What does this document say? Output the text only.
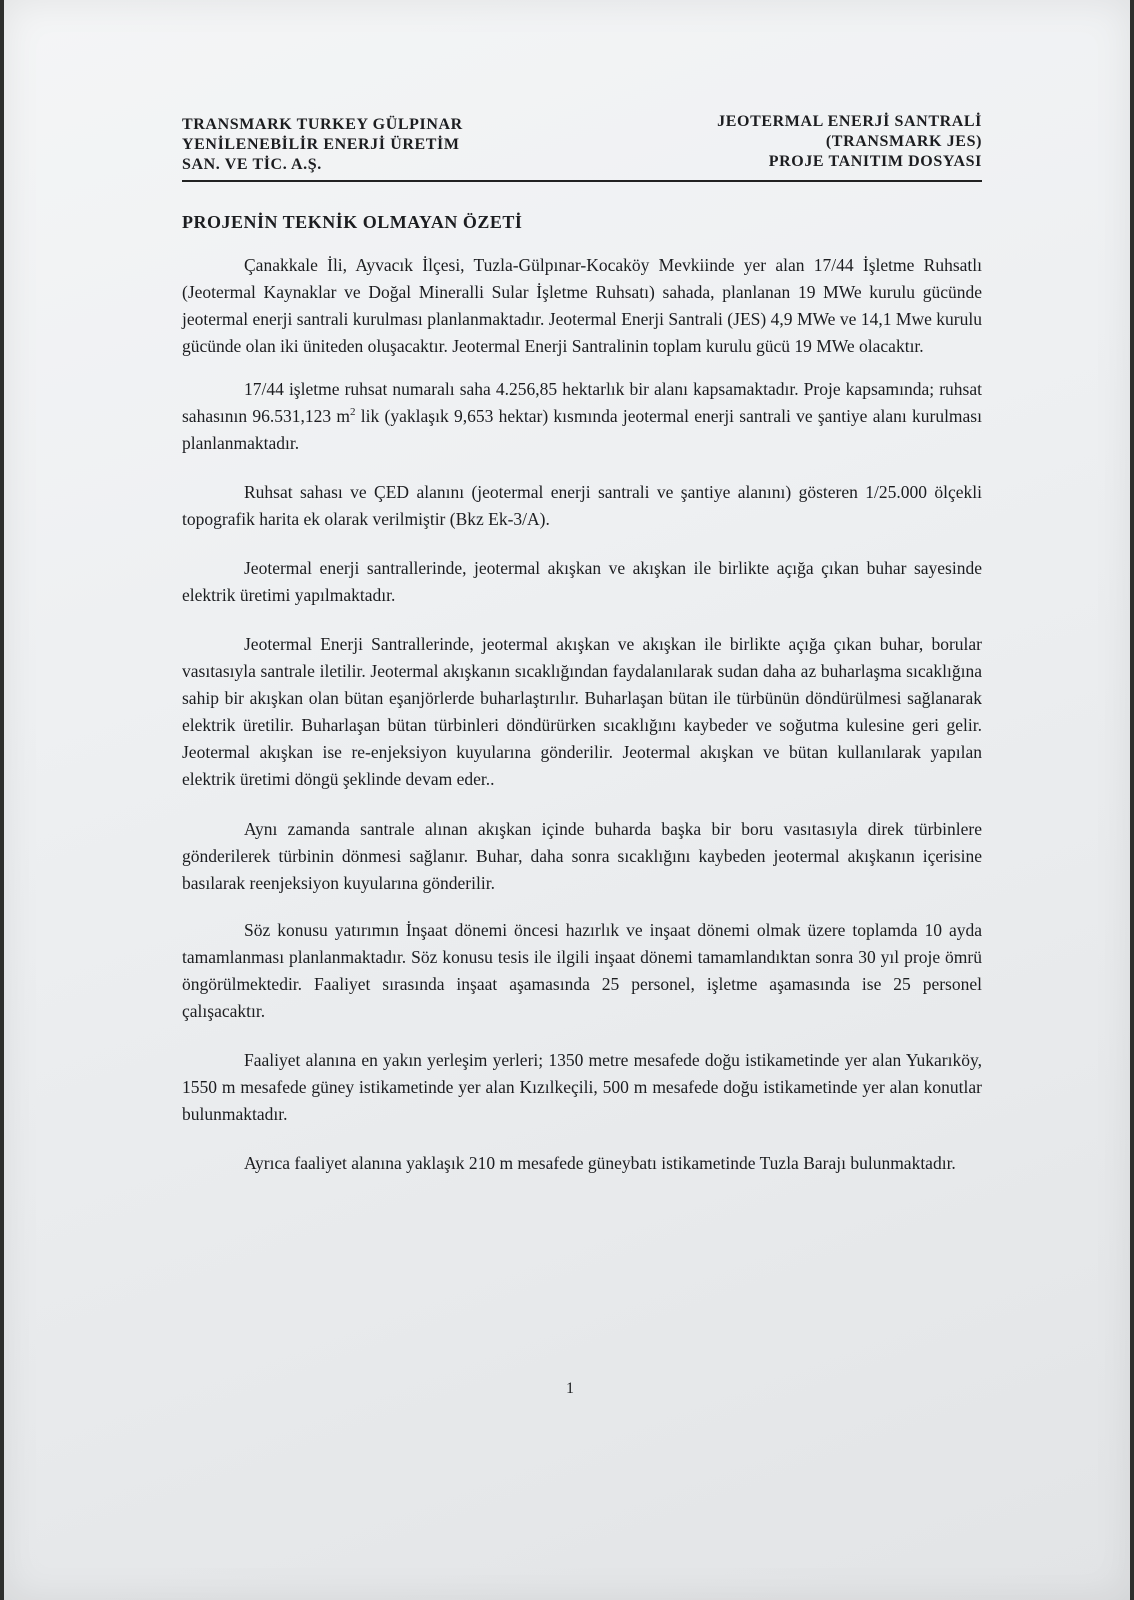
TRANSMARK TURKEY GÜLPINAR
YENİLENEBİLİR ENERJİ ÜRETİM
SAN. VE TİC. A.Ş.
JEOTERMAL ENERJİ SANTRALİ
(TRANSMARK JES)
PROJE TANITIM DOSYASI
PROJENİN TEKNİK OLMAYAN ÖZETİ

Çanakkale İli, Ayvacık İlçesi, Tuzla-Gülpınar-Kocaköy Mevkiinde yer alan 17/44 İşletme Ruhsatlı (Jeotermal Kaynaklar ve Doğal Mineralli Sular İşletme Ruhsatı) sahada, planlanan 19 MWe kurulu gücünde jeotermal enerji santrali kurulması planlanmaktadır. Jeotermal Enerji Santrali (JES) 4,9 MWe ve 14,1 Mwe kurulu gücünde olan iki üniteden oluşacaktır. Jeotermal Enerji Santralinin toplam kurulu gücü 19 MWe olacaktır.

17/44 işletme ruhsat numaralı saha 4.256,85 hektarlık bir alanı kapsamaktadır. Proje kapsamında; ruhsat sahasının 96.531,123 $m^2$ lik (yaklaşık 9,653 hektar) kısmında jeotermal enerji santrali ve şantiye alanı kurulması planlanmaktadır.

Ruhsat sahası ve ÇED alanını (jeotermal enerji santrali ve şantiye alanını) gösteren 1/25.000 ölçekli topografik harita ek olarak verilmiştir (Bkz Ek-3/A).

Jeotermal enerji santrallerinde, jeotermal akışkan ve akışkan ile birlikte açığa çıkan buhar sayesinde elektrik üretimi yapılmaktadır.

Jeotermal Enerji Santrallerinde, jeotermal akışkan ve akışkan ile birlikte açığa çıkan buhar, borular vasıtasıyla santrale iletilir. Jeotermal akışkanın sıcaklığından faydalanılarak sudan daha az buharlaşma sıcaklığına sahip bir akışkan olan bütan eşanjörlerde buharlaştırılır. Buharlaşan bütan ile türbünün döndürülmesi sağlanarak elektrik üretilir. Buharlaşan bütan türbinleri döndürürken sıcaklığını kaybeder ve soğutma kulesine geri gelir. Jeotermal akışkan ise re-enjeksiyon kuyularına gönderilir. Jeotermal akışkan ve bütan kullanılarak yapılan elektrik üretimi döngü şeklinde devam eder..

Aynı zamanda santrale alınan akışkan içinde buharda başka bir boru vasıtasıyla direk türbinlere gönderilerek türbinin dönmesi sağlanır. Buhar, daha sonra sıcaklığını kaybeden jeotermal akışkanın içerisine basılarak reenjeksiyon kuyularına gönderilir.

Söz konusu yatırımın İnşaat dönemi öncesi hazırlık ve inşaat dönemi olmak üzere toplamda 10 ayda tamamlanması planlanmaktadır. Söz konusu tesis ile ilgili inşaat dönemi tamamlandıktan sonra 30 yıl proje ömrü öngörülmektedir. Faaliyet sırasında inşaat aşamasında 25 personel, işletme aşamasında ise 25 personel çalışacaktır.

Faaliyet alanına en yakın yerleşim yerleri; 1350 metre mesafede doğu istikametinde yer alan Yukarıköy, 1550 m mesafede güney istikametinde yer alan Kızılkeçili, 500 m mesafede doğu istikametinde yer alan konutlar bulunmaktadır.

Ayrıca faaliyet alanına yaklaşık 210 m mesafede güneybatı istikametinde Tuzla Barajı bulunmaktadır.

1
